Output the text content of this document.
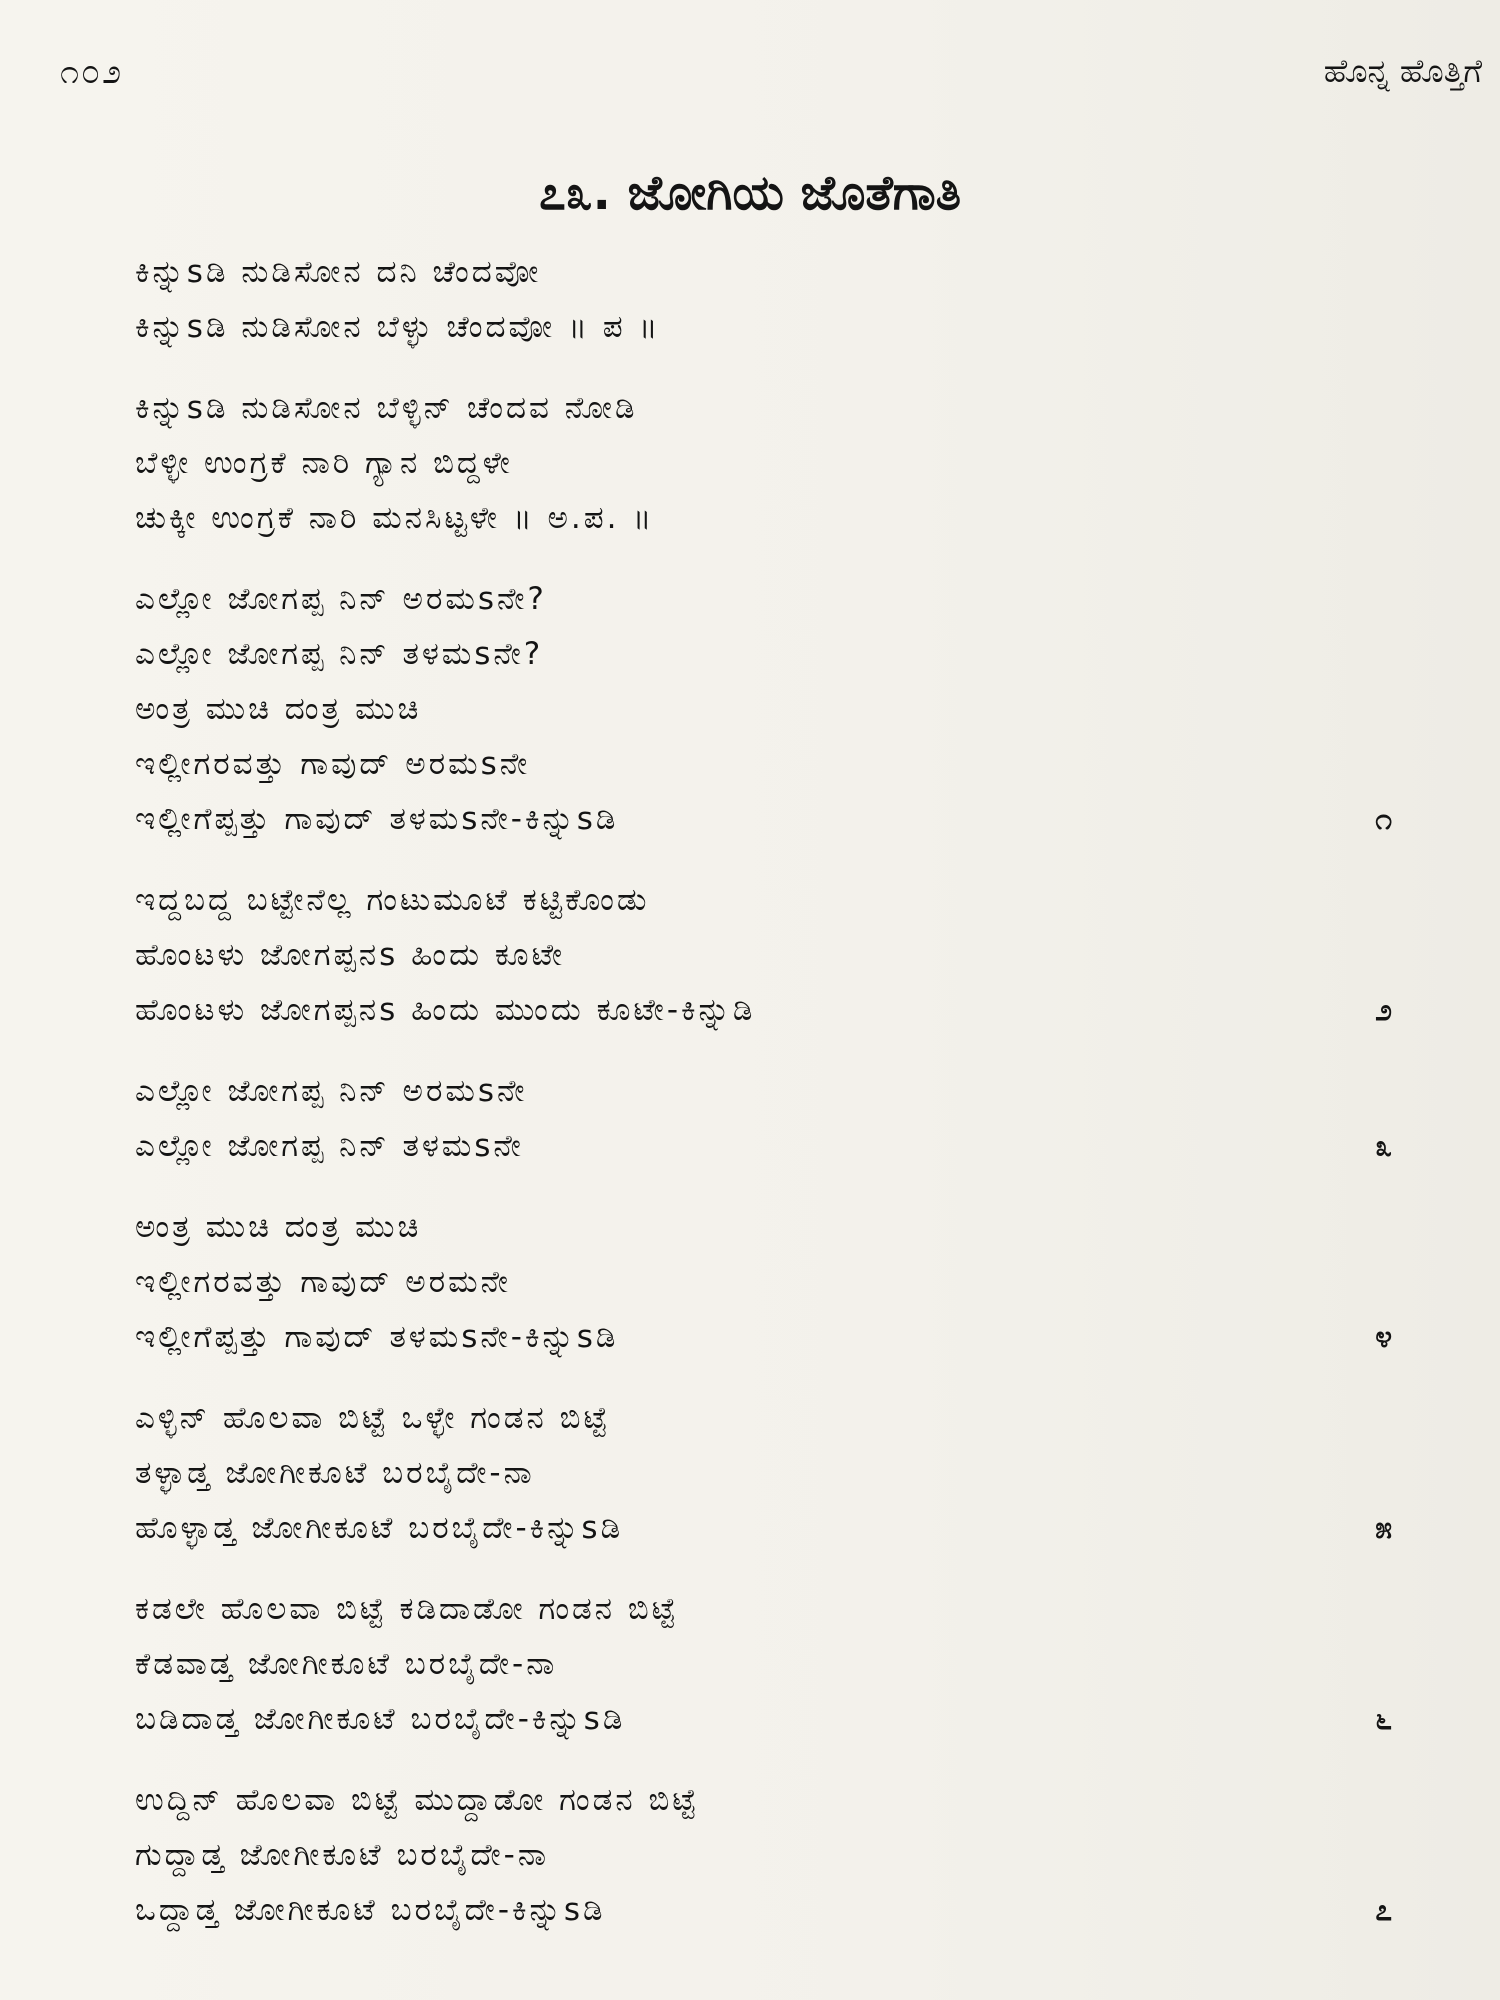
೧೦೨	ಹೊನ್ನ ಹೊತ್ತಿಗೆ
೭೩. ಜೋಗಿಯ ಜೊತೆಗಾತಿ
ಕಿನ್ನುsಡಿ ನುಡಿಸೋನ ದನಿ ಚೆಂದವೋ
ಕಿನ್ನುsಡಿ ನುಡಿಸೋನ ಬೆಳ್ಳು ಚೆಂದವೋ ॥ ಪ ॥
ಕಿನ್ನುsಡಿ ನುಡಿಸೋನ ಬೆಳ್ಳಿನ್ ಚೆಂದವ ನೋಡಿ
ಬೆಳ್ಳೀ ಉಂಗ್ರಕೆ ನಾರಿ ಗ್ಯಾನ ಬಿದ್ದಳೇ
ಚುಕ್ಕೀ ಉಂಗ್ರಕೆ ನಾರಿ ಮನಸಿಟ್ಟಳೇ ॥ ಅ.ಪ. ॥
ಎಲ್ಲೋ ಜೋಗಪ್ಪ ನಿನ್ ಅರಮsನೇ?
ಎಲ್ಲೋ ಜೋಗಪ್ಪ ನಿನ್ ತಳಮsನೇ?
ಅಂತ್ರ ಮುಚಿ ದಂತ್ರ ಮುಚಿ
ಇಲ್ಲೀಗರವತ್ತು ಗಾವುದ್ ಅರಮsನೇ
ಇಲ್ಲೀಗೆಪ್ಪತ್ತು ಗಾವುದ್ ತಳಮsನೇ-ಕಿನ್ನುsಡಿ	೧
ಇದ್ದಬದ್ದ ಬಟ್ಟೇನೆಲ್ಲ ಗಂಟುಮೂಟೆ ಕಟ್ಟಿಕೊಂಡು
ಹೊಂಟಳು ಜೋಗಪ್ಪನs ಹಿಂದು ಕೂಟೇ
ಹೊಂಟಳು ಜೋಗಪ್ಪನs ಹಿಂದು ಮುಂದು ಕೂಟೇ-ಕಿನ್ನುಡಿ	೨
ಎಲ್ಲೋ ಜೋಗಪ್ಪ ನಿನ್ ಅರಮsನೇ
ಎಲ್ಲೋ ಜೋಗಪ್ಪ ನಿನ್ ತಳಮsನೇ	೩
ಅಂತ್ರ ಮುಚಿ ದಂತ್ರ ಮುಚಿ
ಇಲ್ಲೀಗರವತ್ತು ಗಾವುದ್ ಅರಮನೇ
ಇಲ್ಲೀಗೆಪ್ಪತ್ತು ಗಾವುದ್ ತಳಮsನೇ-ಕಿನ್ನುsಡಿ	೪
ಎಳ್ಳಿನ್ ಹೊಲವಾ ಬಿಟ್ಟೆ ಒಳ್ಳೇ ಗಂಡನ ಬಿಟ್ಟೆ
ತಳ್ಳಾಡ್ತ ಜೋಗೀಕೂಟೆ ಬರಬೈದೇ-ನಾ
ಹೊಳ್ಳಾಡ್ತ ಜೋಗೀಕೂಟೆ ಬರಬೈದೇ-ಕಿನ್ನುsಡಿ	೫
ಕಡಲೇ ಹೊಲವಾ ಬಿಟ್ಟೆ ಕಡಿದಾಡೋ ಗಂಡನ ಬಿಟ್ಟೆ
ಕೆಡವಾಡ್ತ ಜೋಗೀಕೂಟೆ ಬರಬೈದೇ-ನಾ
ಬಡಿದಾಡ್ತ ಜೋಗೀಕೂಟೆ ಬರಬೈದೇ-ಕಿನ್ನುsಡಿ	೬
ಉದ್ದಿನ್ ಹೊಲವಾ ಬಿಟ್ಟೆ ಮುದ್ದಾಡೋ ಗಂಡನ ಬಿಟ್ಟೆ
ಗುದ್ದಾಡ್ತ ಜೋಗೀಕೂಟೆ ಬರಬೈದೇ-ನಾ
ಒದ್ದಾಡ್ತ ಜೋಗೀಕೂಟೆ ಬರಬೈದೇ-ಕಿನ್ನುsಡಿ	೭
